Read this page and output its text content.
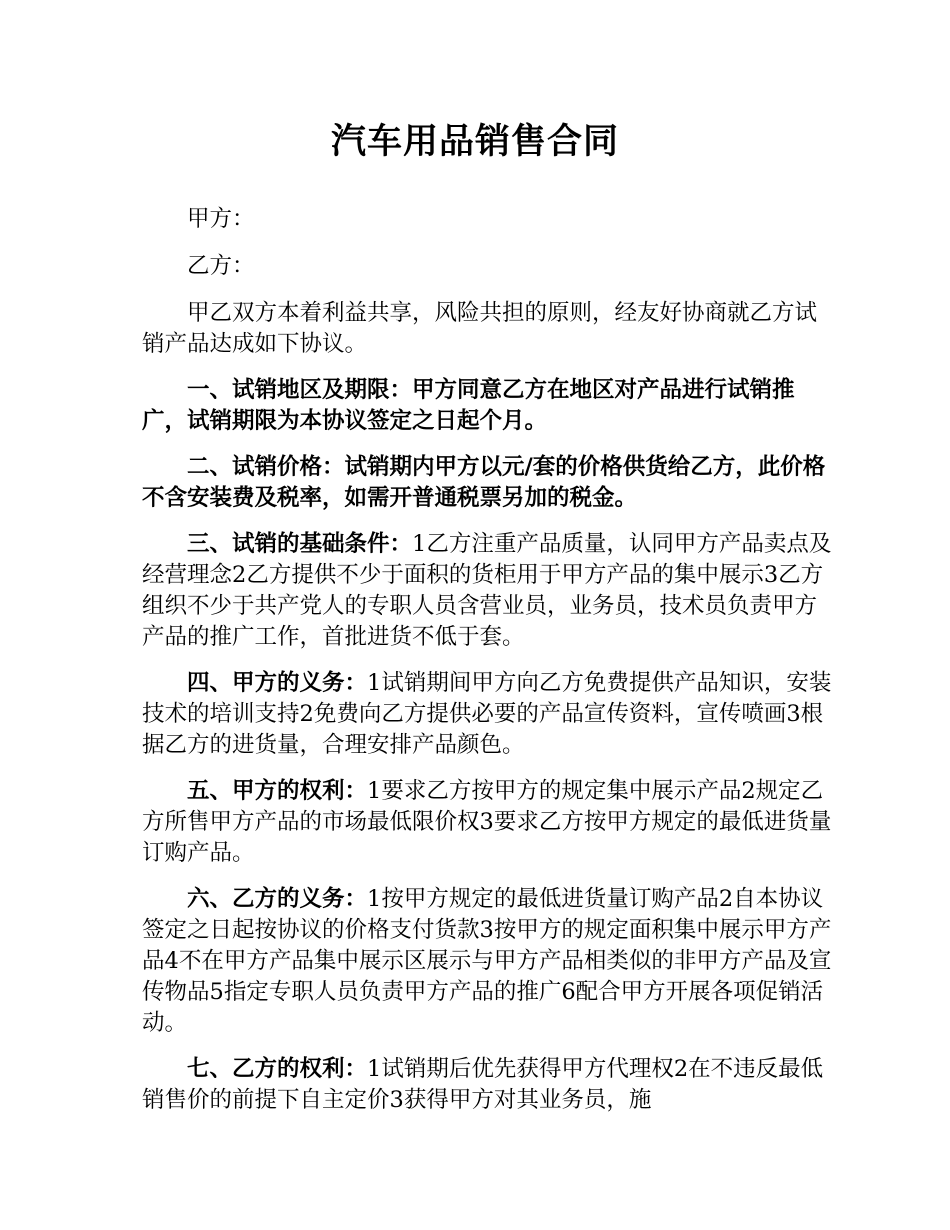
汽车用品销售合同

甲方：

乙方：

甲乙双方本着利益共享，风险共担的原则，经友好协商就乙方试销产品达成如下协议。

一、试销地区及期限：甲方同意乙方在地区对产品进行试销推广，试销期限为本协议签定之日起个月。

二、试销价格：试销期内甲方以元/套的价格供货给乙方，此价格不含安装费及税率，如需开普通税票另加的税金。

三、试销的基础条件：1乙方注重产品质量，认同甲方产品卖点及经营理念2乙方提供不少于面积的货柜用于甲方产品的集中展示3乙方组织不少于共产党人的专职人员含营业员，业务员，技术员负责甲方产品的推广工作，首批进货不低于套。

四、甲方的义务：1试销期间甲方向乙方免费提供产品知识，安装技术的培训支持2免费向乙方提供必要的产品宣传资料，宣传喷画3根据乙方的进货量，合理安排产品颜色。

五、甲方的权利：1要求乙方按甲方的规定集中展示产品2规定乙方所售甲方产品的市场最低限价权3要求乙方按甲方规定的最低进货量订购产品。

六、乙方的义务：1按甲方规定的最低进货量订购产品2自本协议签定之日起按协议的价格支付货款3按甲方的规定面积集中展示甲方产品4不在甲方产品集中展示区展示与甲方产品相类似的非甲方产品及宣传物品5指定专职人员负责甲方产品的推广6配合甲方开展各项促销活动。

七、乙方的权利：1试销期后优先获得甲方代理权2在不违反最低销售价的前提下自主定价3获得甲方对其业务员，施
